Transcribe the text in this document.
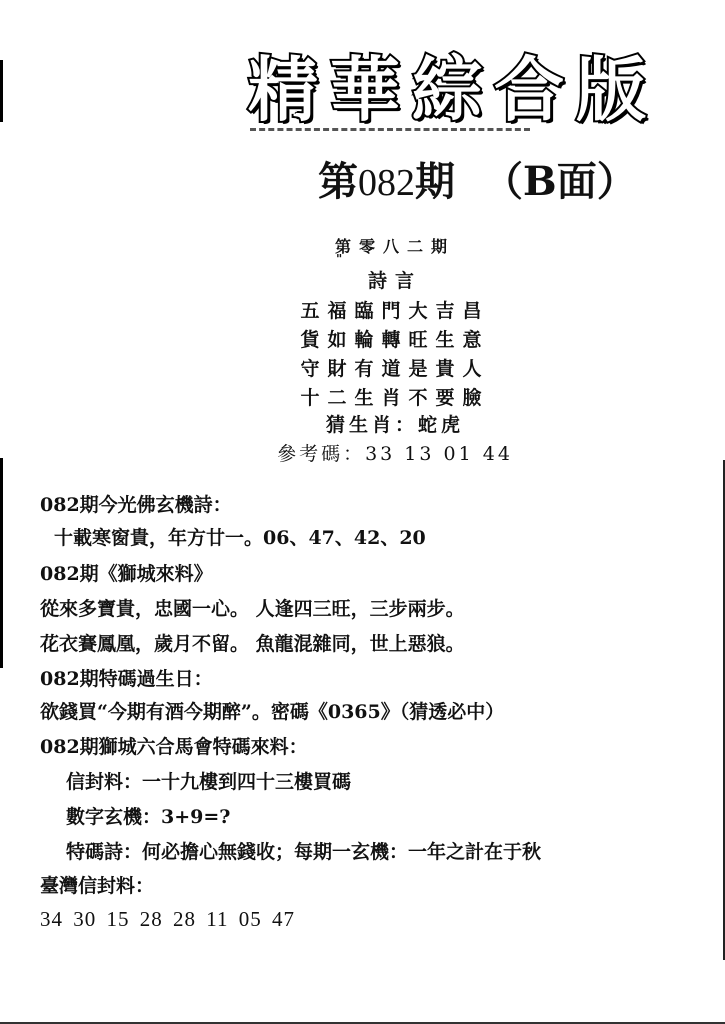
精華綜合版
第082期 （B面）
第零八二期
"
詩言
五福臨門大吉昌
貨如輪轉旺生意
守財有道是貴人
十二生肖不要臉
猜生肖：蛇虎
參考碼：33 13 01 44
082期今光佛玄機詩：
十載寒窗貴，年方廿一。06、47、42、20
082期《獅城來料》
從來多寶貴，忠國一心。 人逢四三旺，三步兩步。
花衣賽鳳凰，歲月不留。 魚龍混雜同，世上惡狼。
082期特碼過生日：
欲錢買“今期有酒今期醉”。密碼《0365》（猜透必中）
082期獅城六合馬會特碼來料：
信封料：一十九樓到四十三樓買碼
數字玄機：3+9=?
特碼詩：何必擔心無錢收；每期一玄機：一年之計在于秋
臺灣信封料：
34 30 15 28 28 11 05 47
